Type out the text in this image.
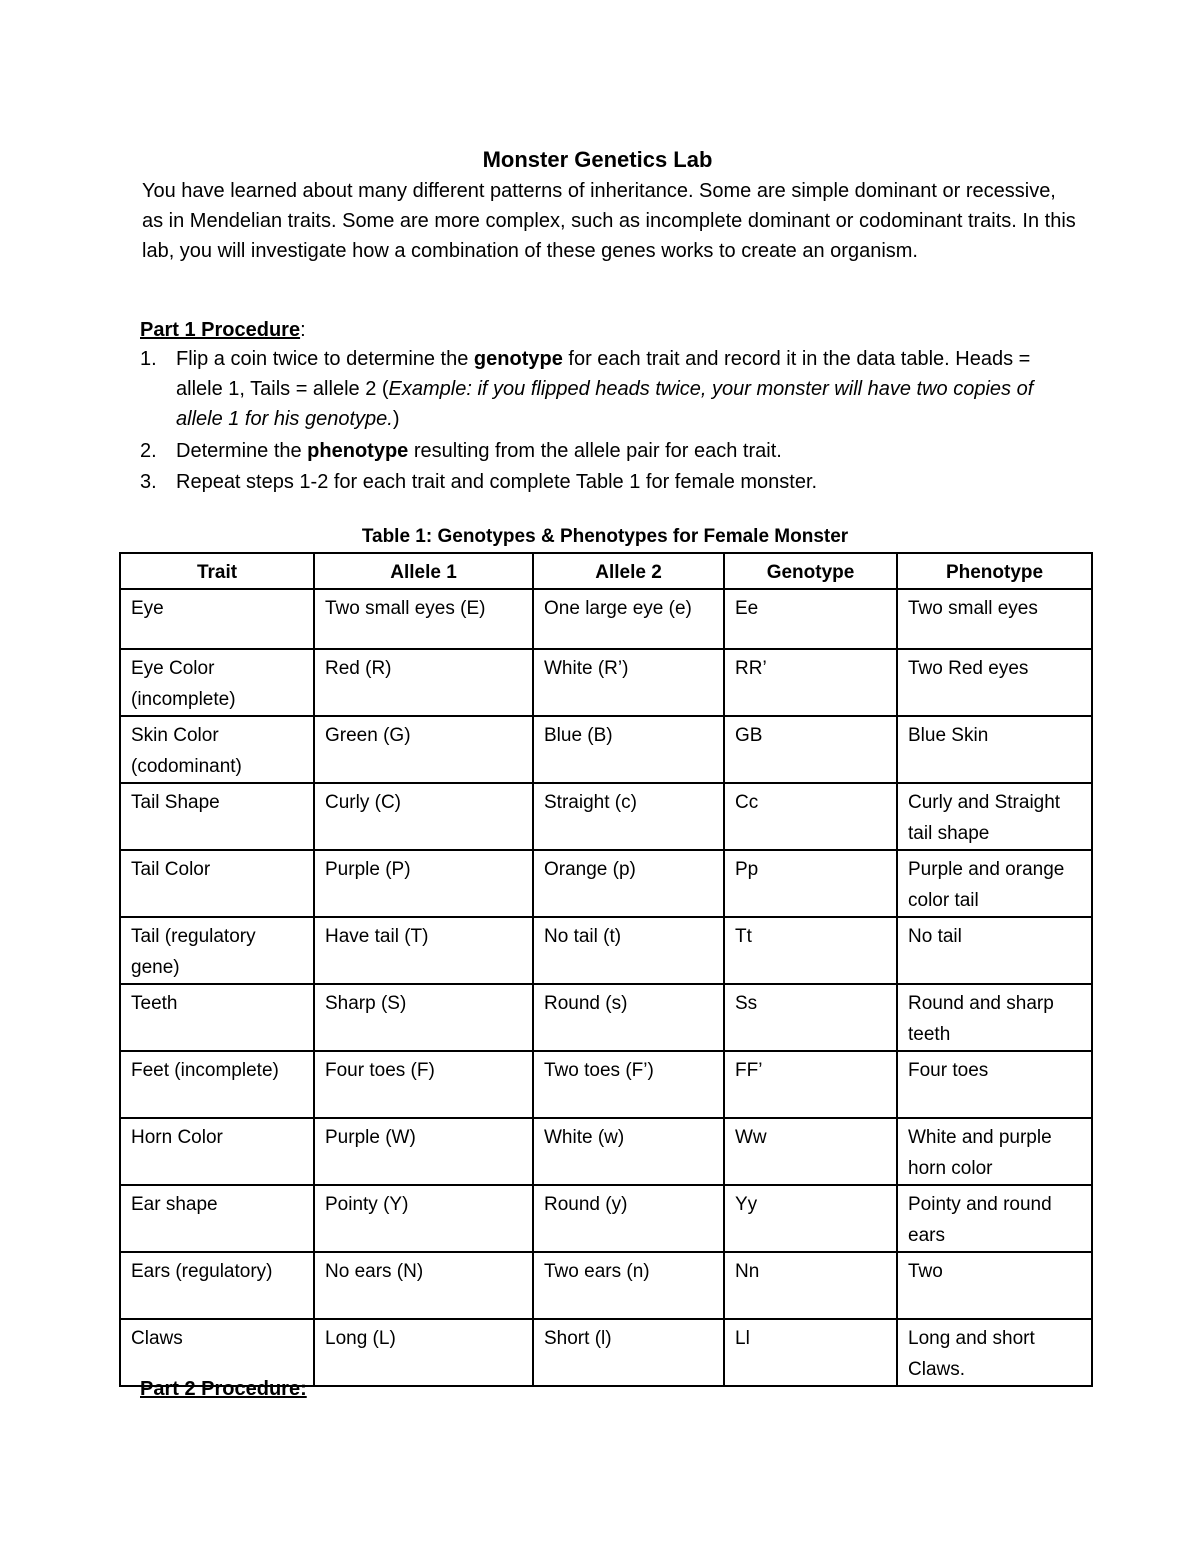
Monster Genetics Lab

You have learned about many different patterns of inheritance. Some are simple dominant or recessive, as in Mendelian traits. Some are more complex, such as incomplete dominant or codominant traits. In this lab, you will investigate how a combination of these genes works to create an organism.

Part 1 Procedure:
1. Flip a coin twice to determine the genotype for each trait and record it in the data table. Heads = allele 1, Tails = allele 2 (Example: if you flipped heads twice, your monster will have two copies of allele 1 for his genotype.)
2. Determine the phenotype resulting from the allele pair for each trait.
3. Repeat steps 1-2 for each trait and complete Table 1 for female monster.
Table 1: Genotypes & Phenotypes for Female Monster
Trait	Allele 1	Allele 2	Genotype	Phenotype
Eye	Two small eyes (E)	One large eye (e)	Ee	Two small eyes
Eye Color (incomplete)	Red (R)	White (R’)	RR’	Two Red eyes
Skin Color (codominant)	Green (G)	Blue (B)	GB	Blue Skin
Tail Shape	Curly (C)	Straight (c)	Cc	Curly and Straight tail shape
Tail Color	Purple (P)	Orange (p)	Pp	Purple and orange color tail
Tail (regulatory gene)	Have tail (T)	No tail (t)	Tt	No tail
Teeth	Sharp (S)	Round (s)	Ss	Round and sharp teeth
Feet (incomplete)	Four toes (F)	Two toes (F’)	FF’	Four toes
Horn Color	Purple (W)	White (w)	Ww	White and purple horn color
Ear shape	Pointy (Y)	Round (y)	Yy	Pointy and round ears
Ears (regulatory)	No ears (N)	Two ears (n)	Nn	Two
Claws	Long (L)	Short (l)	Ll	Long and short Claws.
Part 2 Procedure:
